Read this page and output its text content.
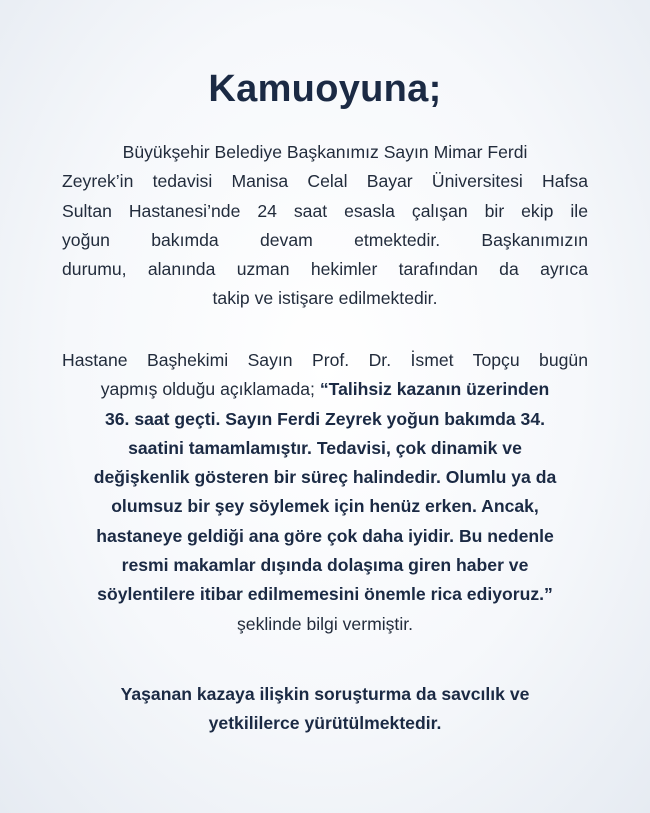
Kamuoyuna;

Büyükşehir Belediye Başkanımız Sayın Mimar Ferdi
Zeyrek’in tedavisi Manisa Celal Bayar Üniversitesi Hafsa
Sultan Hastanesi’nde 24 saat esasla çalışan bir ekip ile
yoğun bakımda devam etmektedir. Başkanımızın
durumu, alanında uzman hekimler tarafından da ayrıca
takip ve istişare edilmektedir.

Hastane Başhekimi Sayın Prof. Dr. İsmet Topçu bugün
yapmış olduğu açıklamada; “Talihsiz kazanın üzerinden
36. saat geçti. Sayın Ferdi Zeyrek yoğun bakımda 34.
saatini tamamlamıştır. Tedavisi, çok dinamik ve
değişkenlik gösteren bir süreç halindedir. Olumlu ya da
olumsuz bir şey söylemek için henüz erken. Ancak,
hastaneye geldiği ana göre çok daha iyidir. Bu nedenle
resmi makamlar dışında dolaşıma giren haber ve
söylentilere itibar edilmemesini önemle rica ediyoruz.”
şeklinde bilgi vermiştir.

Yaşanan kazaya ilişkin soruşturma da savcılık ve
yetkililerce yürütülmektedir.
